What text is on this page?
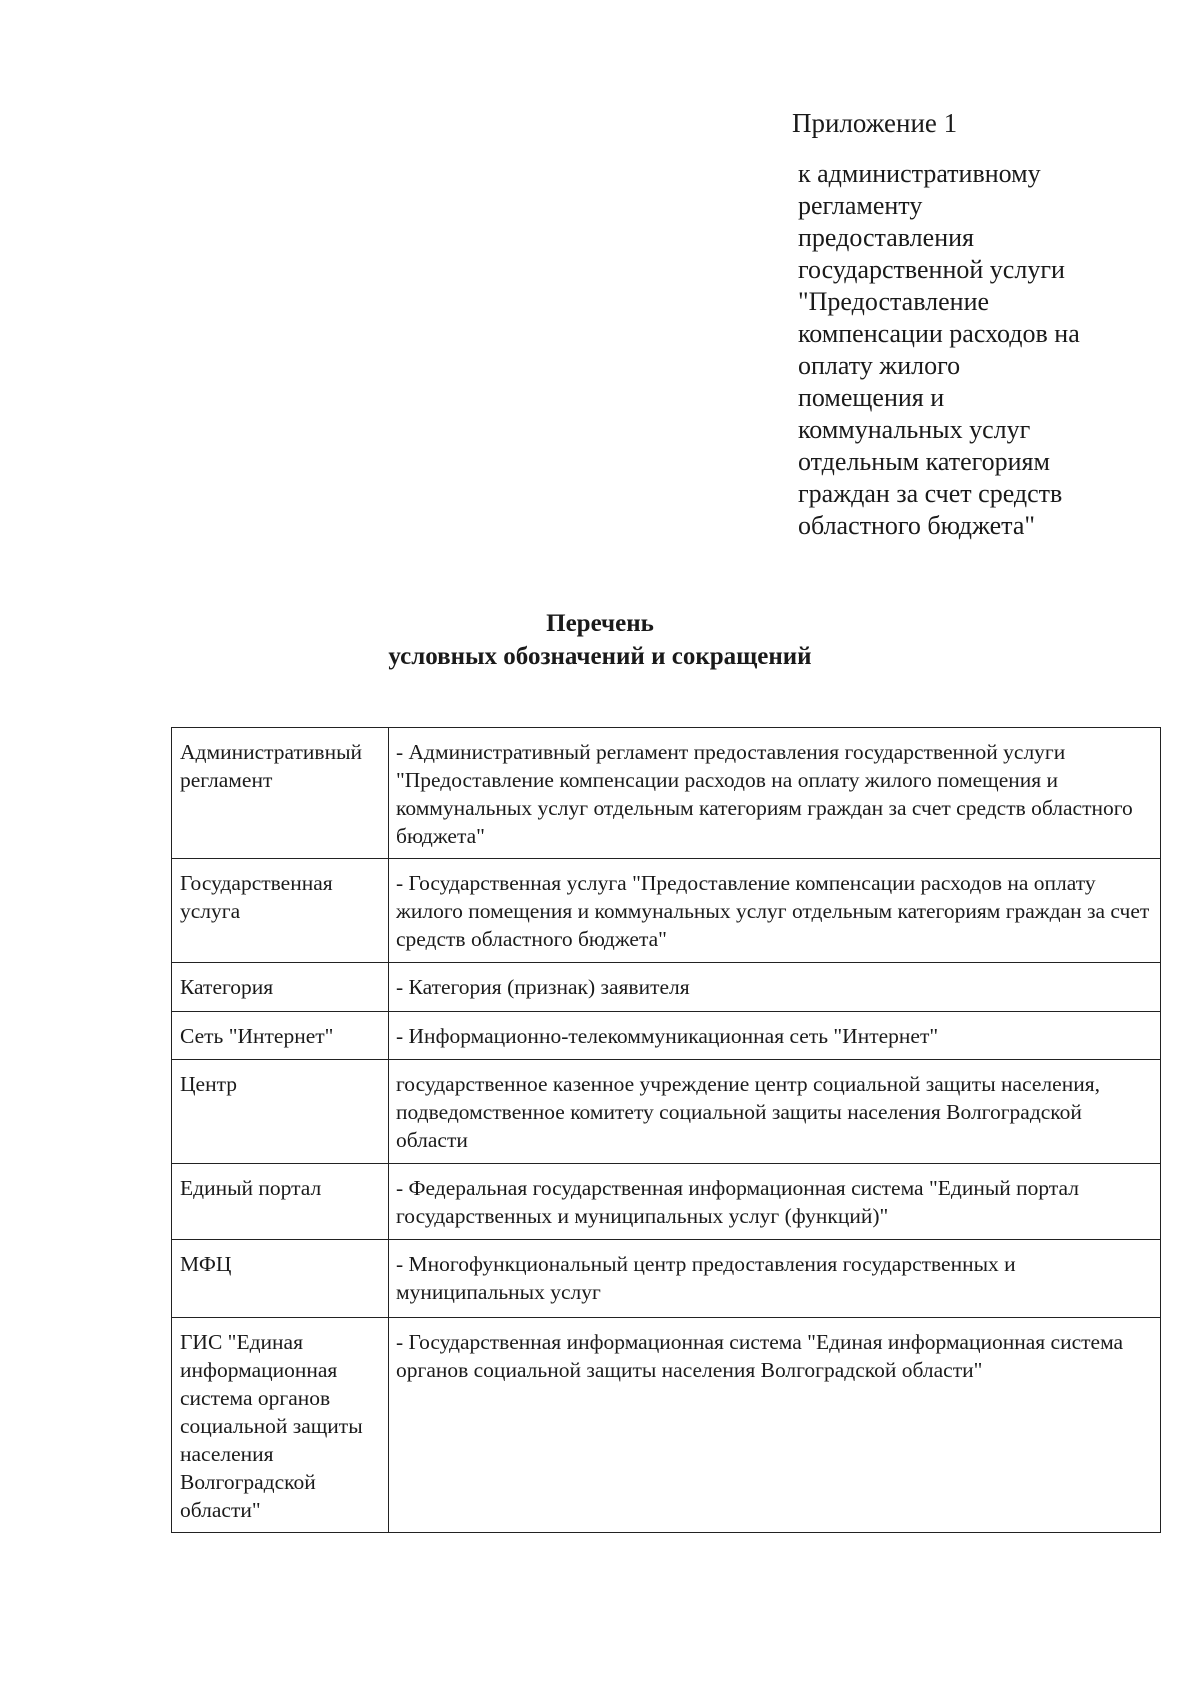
Приложение 1
к административному
регламенту
предоставления
государственной услуги
"Предоставление
компенсации расходов на
оплату жилого
помещения и
коммунальных услуг
отдельным категориям
граждан за счет средств
областного бюджета"
Перечень
условных обозначений и сокращений
Административный регламент	- Административный регламент предоставления государственной услуги "Предоставление компенсации расходов на оплату жилого помещения и коммунальных услуг отдельным категориям граждан за счет средств областного бюджета"
Государственная услуга	- Государственная услуга "Предоставление компенсации расходов на оплату жилого помещения и коммунальных услуг отдельным категориям граждан за счет средств областного бюджета"
Категория	- Категория (признак) заявителя
Сеть "Интернет"	- Информационно-телекоммуникационная сеть "Интернет"
Центр	государственное казенное учреждение центр социальной защиты населения, подведомственное комитету социальной защиты населения Волгоградской области
Единый портал	- Федеральная государственная информационная система "Единый портал государственных и муниципальных услуг (функций)"
МФЦ	- Многофункциональный центр предоставления государственных и муниципальных услуг
ГИС "Единая информационная система органов социальной защиты населения Волгоградской области"	- Государственная информационная система "Единая информационная система органов социальной защиты населения Волгоградской области"
